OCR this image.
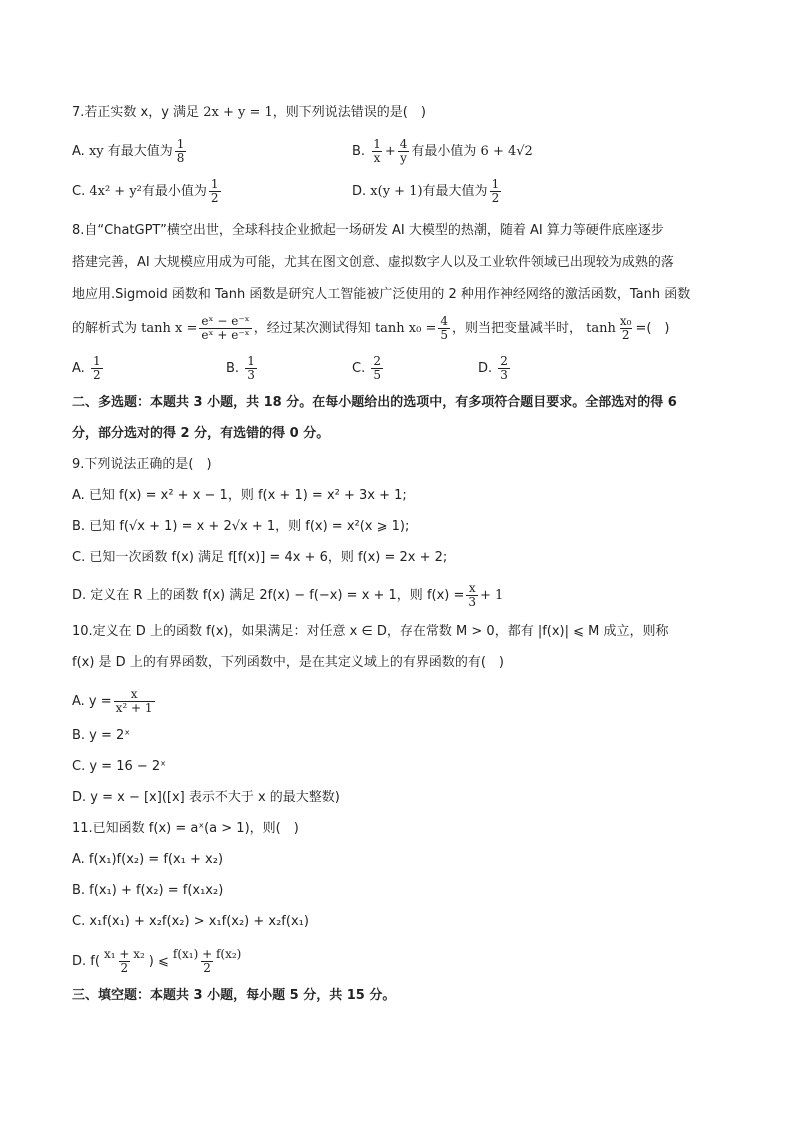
7.若正实数 x，y 满足 2x + y = 1，则下列说法错误的是(　)
A. xy 有最大值为 $\frac{1}{8}$	B. $\frac{1}{x} + \frac{4}{y}$ 有最小值为 6 + 4√2
C. 4x² + y²有最小值为 $\frac{1}{2}$	D. x(y + 1)有最大值为 $\frac{1}{2}$
8.自“ChatGPT”横空出世，全球科技企业掀起一场研发 AI 大模型的热潮，随着 AI 算力等硬件底座逐步
搭建完善，AI 大规模应用成为可能，尤其在图文创意、虚拟数字人以及工业软件领域已出现较为成熟的落
地应用.Sigmoid 函数和 Tanh 函数是研究人工智能被广泛使用的 2 种用作神经网络的激活函数，Tanh 函数
的解析式为 $\tanh x = \frac{\text{eˣ − e⁻ˣ}}{\text{eˣ + e⁻ˣ}}$ ，经过某次测试得知 $\tanh x_0 = \frac{4}{5}$ ，则当把变量减半时， $\tanh \frac{\text{x₀}}{2}$ =(　)
A. $\frac{1}{2}$	B. $\frac{1}{3}$	C. $\frac{2}{5}$	D. $\frac{2}{3}$
二、多选题：本题共 3 小题，共 18 分。在每小题给出的选项中，有多项符合题目要求。全部选对的得 6
分，部分选对的得 2 分，有选错的得 0 分。
9.下列说法正确的是(　)
A. 已知 f(x) = x² + x − 1，则 f(x + 1) = x² + 3x + 1;
B. 已知 f(√x + 1) = x + 2√x + 1，则 f(x) = x²(x ⩾ 1);
C. 已知一次函数 f(x) 满足 f[f(x)] = 4x + 6，则 f(x) = 2x + 2;
D. 定义在 R 上的函数 f(x) 满足 2f(x) − f(−x) = x + 1，则 $f(x) = \frac{x}{3} + 1$
10.定义在 D 上的函数 f(x)，如果满足：对任意 x ∈ D，存在常数 M > 0，都有 |f(x)| ⩽ M 成立，则称
f(x) 是 D 上的有界函数，下列函数中，是在其定义域上的有界函数的有(　)
A. $y = \frac{x}{\text{x² + 1}}$
B. y = 2ˣ
C. y = 16 − 2ˣ
D. y = x − [x]([x] 表示不大于 x 的最大整数)
11.已知函数 f(x) = aˣ(a > 1)，则(　)
A. f(x₁)f(x₂) = f(x₁ + x₂)
B. f(x₁) + f(x₂) = f(x₁x₂)
C. x₁f(x₁) + x₂f(x₂) > x₁f(x₂) + x₂f(x₁)
D. $f( \frac{\text{x₁ + x₂}}{2}$ ) ⩽ $\frac{\text{f(x₁) + f(x₂)}}{2}$
三、填空题：本题共 3 小题，每小题 5 分，共 15 分。
